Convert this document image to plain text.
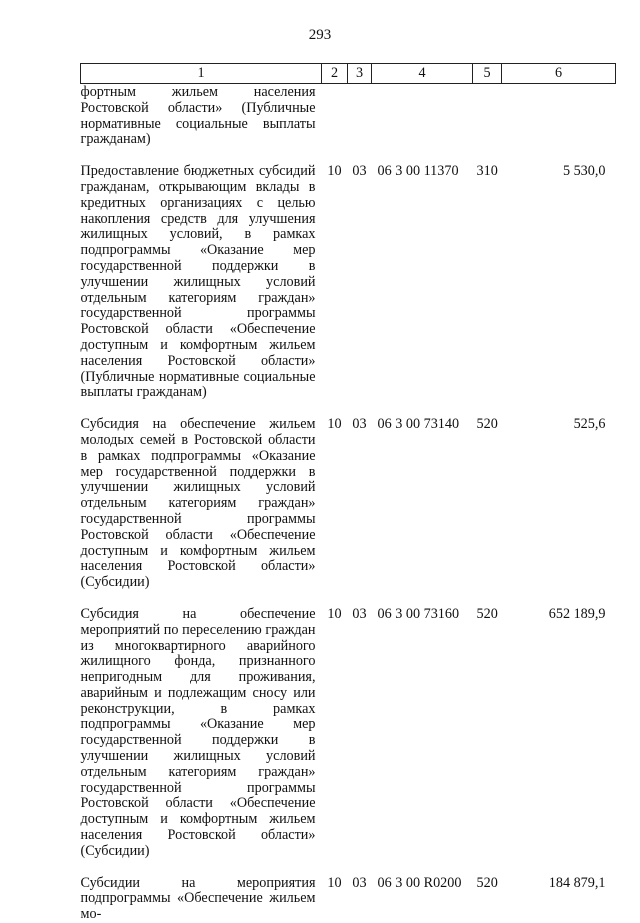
293
1	2	3	4	5	6
фортным жильем населения Ростовской области» (Публичные нормативные социальные выплаты гражданам)					
Предоставление бюджетных субсидий гражданам, открывающим вклады в кредитных организациях с целью накопления средств для улучшения жилищных условий, в рамках подпрограммы «Оказание мер государственной поддержки в улучшении жилищных условий отдельным категориям граждан» государственной программы Ростовской области «Обеспечение доступным и комфортным жильем населения Ростовской области» (Публичные нормативные социальные выплаты гражданам)	10	03	06 3 00 11370	310	5 530,0
Субсидия на обеспечение жильем молодых семей в Ростовской области в рамках подпрограммы «Оказание мер государственной поддержки в улучшении жилищных условий отдельным категориям граждан» государственной программы Ростовской области «Обеспечение доступным и комфортным жильем населения Ростовской области» (Субсидии)	10	03	06 3 00 73140	520	525,6
Субсидия на обеспечение мероприятий по переселению граждан из многоквартирного аварийного жилищного фонда, признанного непригодным для проживания, аварийным и подлежащим сносу или реконструкции, в рамках подпрограммы «Оказание мер государственной поддержки в улучшении жилищных условий отдельным категориям граждан» государственной программы Ростовской области «Обеспечение доступным и комфортным жильем населения Ростовской области» (Субсидии)	10	03	06 3 00 73160	520	652 189,9
Субсидии на мероприятия подпрограммы «Обеспечение жильем мо-	10	03	06 3 00 R0200	520	184 879,1
